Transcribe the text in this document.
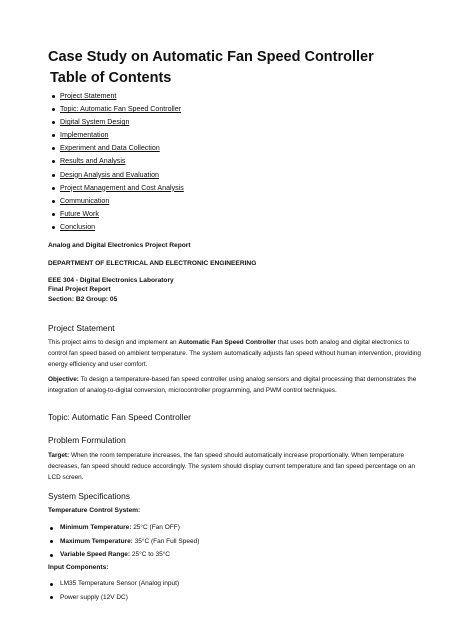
Case Study on Automatic Fan Speed Controller
Table of Contents
Project Statement
Topic: Automatic Fan Speed Controller
Digital System Design
Implementation
Experiment and Data Collection
Results and Analysis
Design Analysis and Evaluation
Project Management and Cost Analysis
Communication
Future Work
Conclusion
Analog and Digital Electronics Project Report
DEPARTMENT OF ELECTRICAL AND ELECTRONIC ENGINEERING
EEE 304 - Digital Electronics Laboratory
Final Project Report
Section: B2 Group: 05
Project Statement
This project aims to design and implement an Automatic Fan Speed Controller that uses both analog and digital electronics to control fan speed based on ambient temperature. The system automatically adjusts fan speed without human intervention, providing energy efficiency and user comfort.
Objective: To design a temperature-based fan speed controller using analog sensors and digital processing that demonstrates the integration of analog-to-digital conversion, microcontroller programming, and PWM control techniques.
Topic: Automatic Fan Speed Controller
Problem Formulation
Target: When the room temperature increases, the fan speed should automatically increase proportionally. When temperature decreases, fan speed should reduce accordingly. The system should display current temperature and fan speed percentage on an LCD screen.
System Specifications
Temperature Control System:
Minimum Temperature: 25°C (Fan OFF)
Maximum Temperature: 35°C (Fan Full Speed)
Variable Speed Range: 25°C to 35°C
Input Components:
LM35 Temperature Sensor (Analog input)
Power supply (12V DC)
